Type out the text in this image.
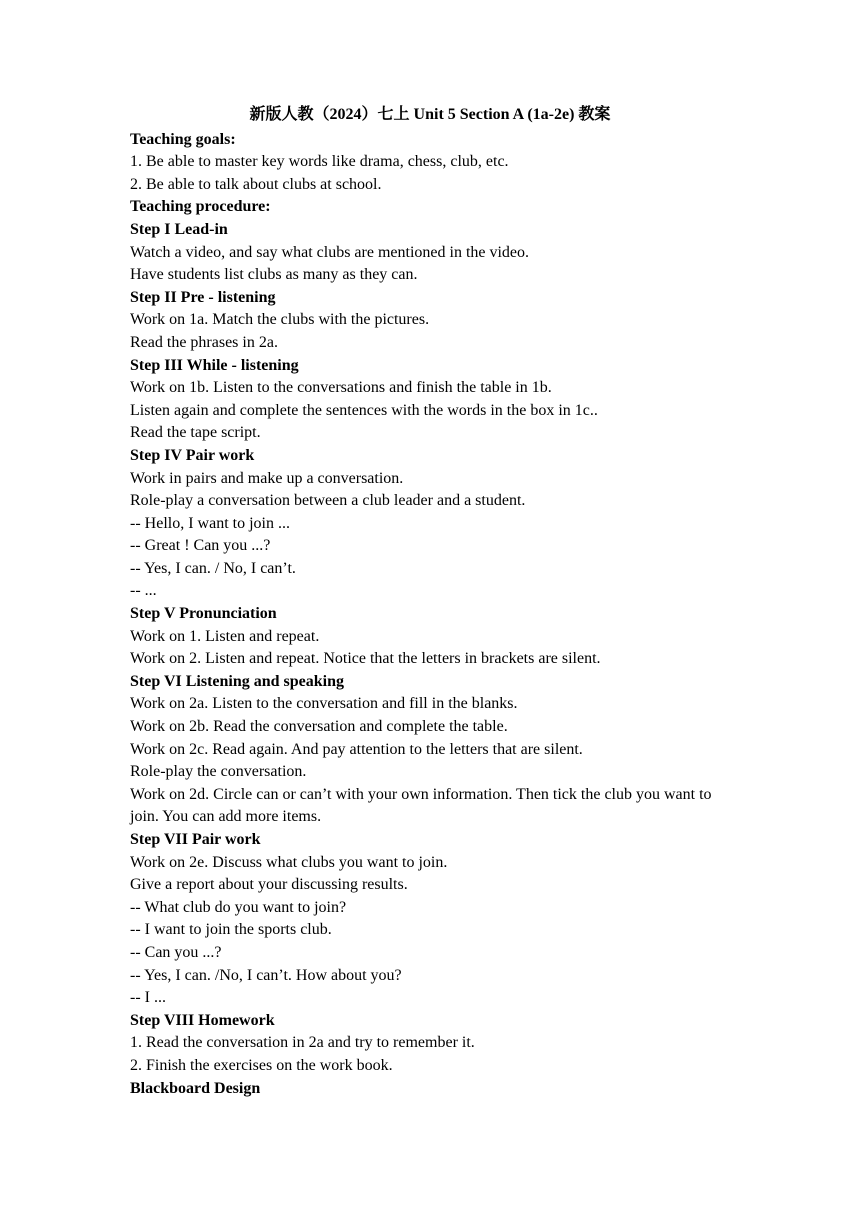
新版人教（2024）七上 Unit 5 Section A (1a-2e) 教案
Teaching goals:
1. Be able to master key words like drama, chess, club, etc.
2. Be able to talk about clubs at school.
Teaching procedure:
Step I Lead-in
Watch a video, and say what clubs are mentioned in the video.
Have students list clubs as many as they can.
Step II Pre - listening
Work on 1a. Match the clubs with the pictures.
Read the phrases in 2a.
Step III While - listening
Work on 1b. Listen to the conversations and finish the table in 1b.
Listen again and complete the sentences with the words in the box in 1c..
Read the tape script.
Step IV Pair work
Work in pairs and make up a conversation.
Role-play a conversation between a club leader and a student.
-- Hello, I want to join ...
-- Great ! Can you ...?
-- Yes, I can. / No, I can’t.
-- ...
Step V Pronunciation
Work on 1. Listen and repeat.
Work on 2. Listen and repeat. Notice that the letters in brackets are silent.
Step VI Listening and speaking
Work on 2a. Listen to the conversation and fill in the blanks.
Work on 2b. Read the conversation and complete the table.
Work on 2c. Read again. And pay attention to the letters that are silent.
Role-play the conversation.
Work on 2d. Circle can or can’t with your own information. Then tick the club you want to join. You can add more items.
Step VII Pair work
Work on 2e. Discuss what clubs you want to join.
Give a report about your discussing results.
-- What club do you want to join?
-- I want to join the sports club.
-- Can you ...?
-- Yes, I can. /No, I can’t. How about you?
-- I ...
Step VIII Homework
1. Read the conversation in 2a and try to remember it.
2. Finish the exercises on the work book.
Blackboard Design
